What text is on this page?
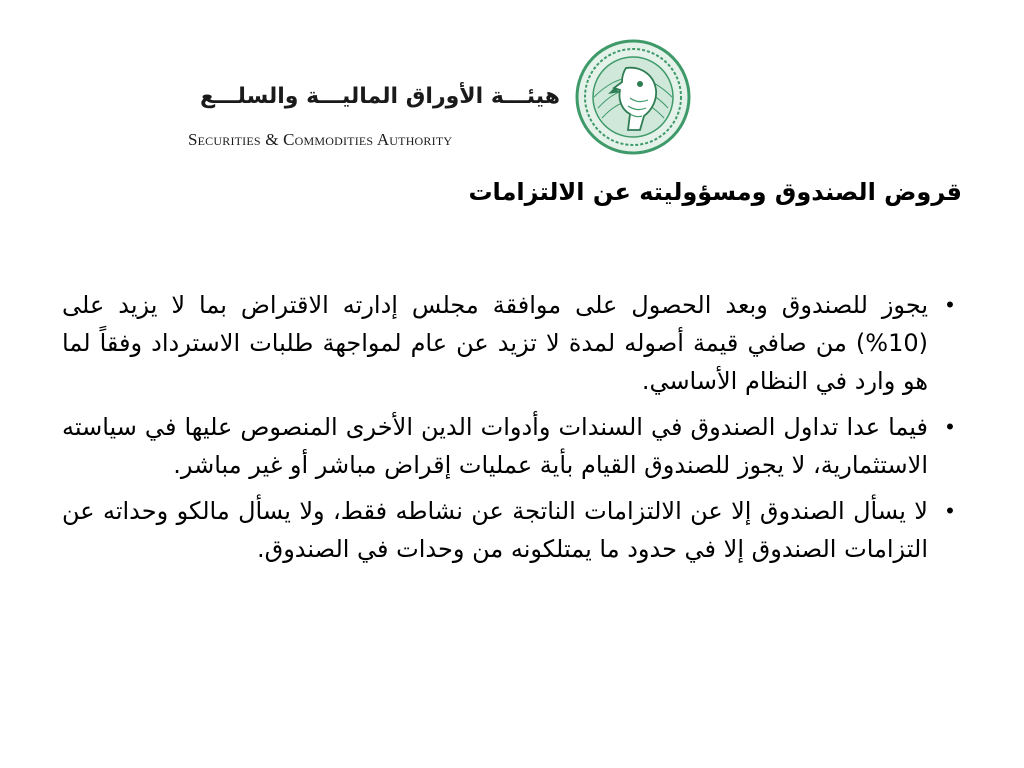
هيئـــة الأوراق الماليـــة والسلـــع
Securities & Commodities Authority
قروض الصندوق ومسؤوليته عن الالتزامات
•
يجوز للصندوق وبعد الحصول على موافقة مجلس إدارته الاقتراض بما لا يزيد على (10%) من صافي قيمة أصوله لمدة لا تزيد عن عام لمواجهة طلبات الاسترداد وفقاً لما هو وارد في النظام الأساسي.
•
فيما عدا تداول الصندوق في السندات وأدوات الدين الأخرى المنصوص عليها في سياسته الاستثمارية، لا يجوز للصندوق القيام بأية عمليات إقراض مباشر أو غير مباشر.
•
لا يسأل الصندوق إلا عن الالتزامات الناتجة عن نشاطه فقط، ولا يسأل مالكو وحداته عن التزامات الصندوق إلا في حدود ما يمتلكونه من وحدات في الصندوق.
